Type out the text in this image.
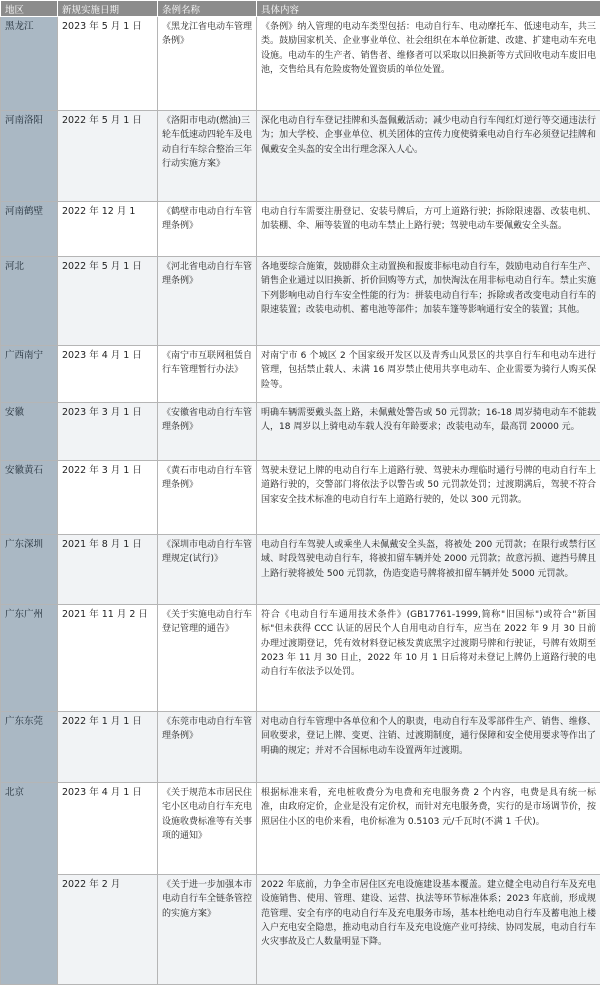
地区	新规实施日期	条例名称	具体内容
黑龙江	2023 年 5 月 1 日	《黑龙江省电动车管理条例》	《条例》纳入管理的电动车类型包括：电动自行车、电动摩托车、低速电动车，共三类。鼓励国家机关、企业事业单位、社会组织在本单位新建、改建、扩建电动车充电设施。电动车的生产者、销售者、维修者可以采取以旧换新等方式回收电动车废旧电池，交售给具有危险废物处置资质的单位处置。
河南洛阳	2022 年 5 月 1 日	《洛阳市电动(燃油)三轮车低速动四轮车及电动自行车综合整治三年行动实施方案》	深化电动自行车登记挂牌和头盔佩戴活动；减少电动自行车闯红灯逆行等交通违法行为；加大学校、企事业单位、机关团体的宣传力度使骑乘电动自行车必须登记挂牌和佩戴安全头盔的安全出行理念深入人心。
河南鹤壁	2022 年 12 月 1	《鹤壁市电动自行车管理条例》	电动自行车需要注册登记、安装号牌后，方可上道路行驶；拆除限速器、改装电机、加装棚、伞、厢等装置的电动车禁止上路行驶；驾驶电动车要佩戴安全头盔。
河北	2022 年 5 月 1 日	《河北省电动自行车管理条例》	各地要综合施策，鼓励群众主动置换和报废非标电动自行车，鼓励电动自行车生产、销售企业通过以旧换新、折价回购等方式，加快淘汰在用非标电动自行车。禁止实施下列影响电动自行车安全性能的行为：拼装电动自行车；拆除或者改变电动自行车的限速装置；改装电动机、蓄电池等部件；加装车篷等影响通行安全的装置；其他。
广西南宁	2023 年 4 月 1 日	《南宁市互联网租赁自行车管理暂行办法》	对南宁市 6 个城区 2 个国家级开发区以及青秀山风景区的共享自行车和电动车进行管理，包括禁止载人、未满 16 周岁禁止使用共享电动车、企业需要为骑行人购买保险等。
安徽	2023 年 3 月 1 日	《安徽省电动自行车管理条例》	明确车辆需要戴头盔上路，未佩戴处警告或 50 元罚款；16-18 周岁骑电动车不能载人，18 周岁以上骑电动车载人没有年龄要求；改装电动车，最高罚 20000 元。
安徽黄石	2022 年 3 月 1 日	《黄石市电动自行车管理条例》	驾驶未登记上牌的电动自行车上道路行驶、驾驶未办理临时通行号牌的电动自行车上道路行驶的，交警部门将依法予以警告或 50 元罚款处罚；过渡期满后，驾驶不符合国家安全技术标准的电动自行车上道路行驶的，处以 300 元罚款。
广东深圳	2021 年 8 月 1 日	《深圳市电动自行车管理规定(试行)》	电动自行车驾驶人或乘坐人未佩戴安全头盔，将被处 200 元罚款；在限行或禁行区域、时段驾驶电动自行车，将被扣留车辆并处 2000 元罚款；故意污损、遮挡号牌且上路行驶将被处 500 元罚款，伪造变造号牌将被扣留车辆并处 5000 元罚款。
广东广州	2021 年 11 月 2 日	《关于实施电动自行车登记管理的通告》	符合《电动自行车通用技术条件》(GB17761-1999,简称"旧国标")或符合"新国标"但未获得 CCC 认证的居民个人自用电动自行车，应当在 2022 年 9 月 30 日前办理过渡期登记，凭有效材料登记核发黄底黑字过渡期号牌和行驶证，号牌有效期至 2023 年 11 月 30 日止，2022 年 10 月 1 日后将对未登记上牌仍上道路行驶的电动自行车依法予以处罚。
广东东莞	2022 年 1 月 1 日	《东莞市电动自行车管理条例》	对电动自行车管理中各单位和个人的职责，电动自行车及零部件生产、销售、维修、回收要求，登记上牌、变更、注销、过渡期制度，通行保障和安全使用要求等作出了明确的规定；并对不合国标电动车设置两年过渡期。
北京	2023 年 4 月 1 日	《关于规范本市居民住宅小区电动自行车充电设施收费标准等有关事项的通知》	根据标准来看，充电桩收费分为电费和充电服务费 2 个内容，电费是具有统一标准，由政府定价，企业是没有定价权，而针对充电服务费，实行的是市场调节价，按照居住小区的电价来看，电价标准为 0.5103 元/千瓦时(不满 1 千伏)。
	2022 年 2 月	《关于进一步加强本市电动自行车全链条管控的实施方案》	2022 年底前，力争全市居住区充电设施建设基本覆盖。建立健全电动自行车及充电设施销售、使用、管理、建设、运营、执法等环节标准体系；2023 年底前，形成规范管理、安全有序的电动自行车及充电服务市场，基本杜绝电动自行车及蓄电池上楼入户充电安全隐患，推动电动自行车及充电设施产业可持续、协同发展，电动自行车火灾事故及亡人数量明显下降。
